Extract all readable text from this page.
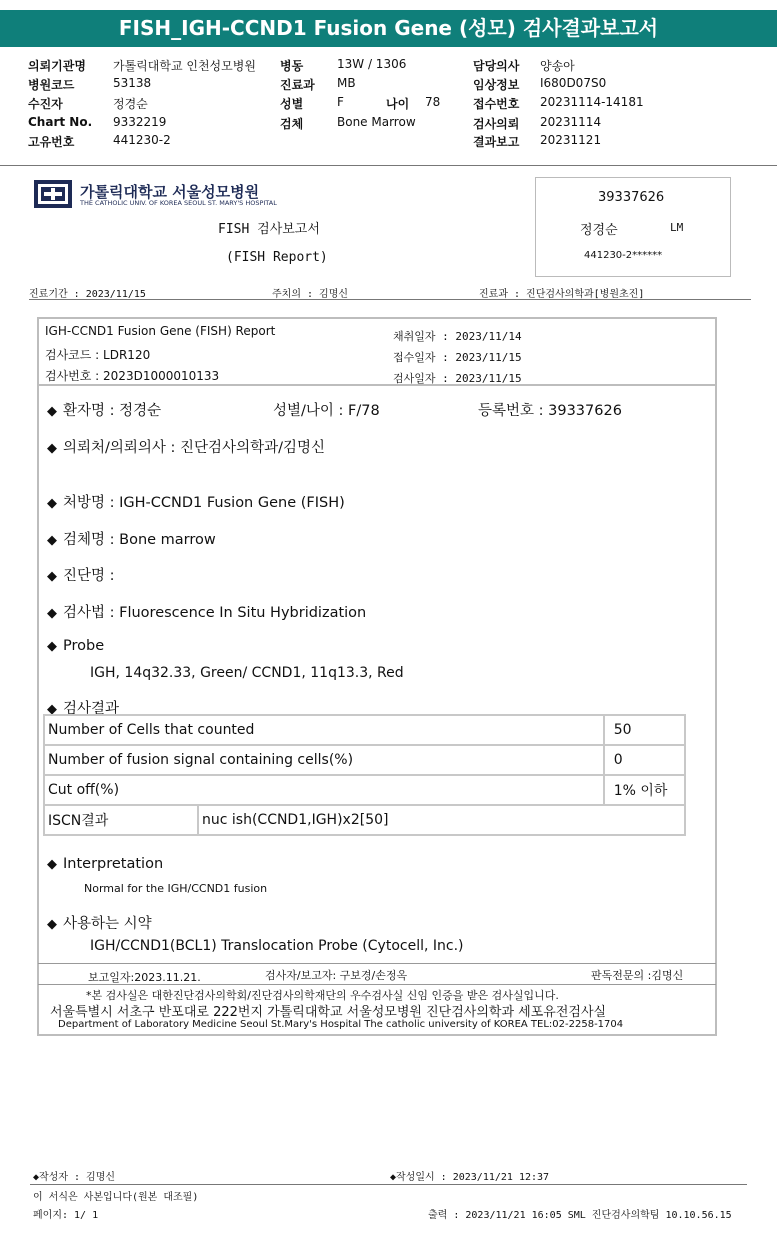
FISH_IGH-CCND1 Fusion Gene (성모) 검사결과보고서
의뢰기관명 가톨릭대학교 인천성모병원
병원코드	53138
수진자	정경순
Chart No. 9332219
고유번호	441230-2
병동	13W / 1306
진료과 MB
성별	F	나이 78
검체	Bone Marrow
담당의사 양송아
임상정보 I680D07S0
접수번호 20231114-14181
검사의뢰 20231114
결과보고 20231121
가톨릭대학교 서울성모병원
THE CATHOLIC UNIV. OF KOREA SEOUL ST. MARY'S HOSPITAL
FISH 검사보고서
(FISH Report)
39337626
정경순	LM
441230-2******
진료기간 : 2023/11/15	주치의 : 김명신	진료과 : 진단검사의학과[병원초진]
IGH-CCND1 Fusion Gene (FISH) Report
검사코드 : LDR120
검사번호 : 2023D1000010133
채취일자 : 2023/11/14
접수일자 : 2023/11/15
검사일자 : 2023/11/15
◆ 환자명 : 정경순	성별/나이 : F/78	등록번호 : 39337626
◆ 의뢰처/의뢰의사 : 진단검사의학과/김명신
◆ 처방명 : IGH-CCND1 Fusion Gene (FISH)
◆ 검체명 : Bone marrow
◆ 진단명 :
◆ 검사법 : Fluorescence In Situ Hybridization
◆ Probe
IGH, 14q32.33, Green/ CCND1, 11q13.3, Red
◆ 검사결과
Number of Cells that counted		50
Number of fusion signal containing cells(%)		0
Cut off(%)		1% 이하
ISCN결과	nuc ish(CCND1,IGH)x2[50]	
◆ Interpretation
Normal for the IGH/CCND1 fusion
◆ 사용하는 시약
IGH/CCND1(BCL1) Translocation Probe (Cytocell, Inc.)
보고일자:2023.11.21.	검사자/보고자: 구보경/손정옥	판독전문의 :김명신
*본 검사실은 대한진단검사의학회/진단검사의학재단의 우수검사실 신임 인증을 받은 검사실입니다.
서울특별시 서초구 반포대로 222번지 가톨릭대학교 서울성모병원 진단검사의학과 세포유전검사실
Department of Laboratory Medicine Seoul St.Mary's Hospital The catholic university of KOREA TEL:02-2258-1704
◆작성자 : 김명신	◆작성일시 : 2023/11/21 12:37
이 서식은 사본입니다(원본 대조필)
페이지: 1/ 1	출력 : 2023/11/21 16:05 SML 진단검사의학팀 10.10.56.15
